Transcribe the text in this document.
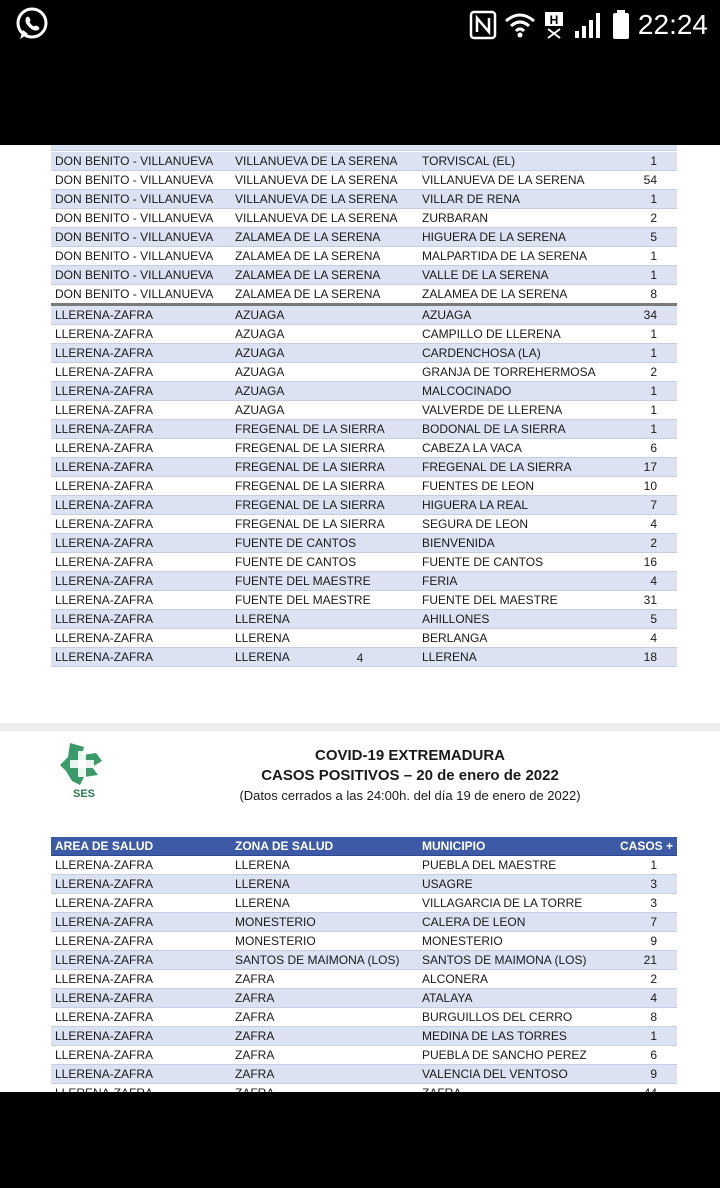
H	22:24
DON BENITO - VILLANUEVA	VILLANUEVA DE LA SERENA	TORVISCAL (EL)	1
DON BENITO - VILLANUEVA	VILLANUEVA DE LA SERENA	VILLANUEVA DE LA SERENA	54
DON BENITO - VILLANUEVA	VILLANUEVA DE LA SERENA	VILLAR DE RENA	1
DON BENITO - VILLANUEVA	VILLANUEVA DE LA SERENA	ZURBARAN	2
DON BENITO - VILLANUEVA	ZALAMEA DE LA SERENA	HIGUERA DE LA SERENA	5
DON BENITO - VILLANUEVA	ZALAMEA DE LA SERENA	MALPARTIDA DE LA SERENA	1
DON BENITO - VILLANUEVA	ZALAMEA DE LA SERENA	VALLE DE LA SERENA	1
DON BENITO - VILLANUEVA	ZALAMEA DE LA SERENA	ZALAMEA DE LA SERENA	8
LLERENA-ZAFRA	AZUAGA	AZUAGA	34
LLERENA-ZAFRA	AZUAGA	CAMPILLO DE LLERENA	1
LLERENA-ZAFRA	AZUAGA	CARDENCHOSA (LA)	1
LLERENA-ZAFRA	AZUAGA	GRANJA DE TORREHERMOSA	2
LLERENA-ZAFRA	AZUAGA	MALCOCINADO	1
LLERENA-ZAFRA	AZUAGA	VALVERDE DE LLERENA	1
LLERENA-ZAFRA	FREGENAL DE LA SIERRA	BODONAL DE LA SIERRA	1
LLERENA-ZAFRA	FREGENAL DE LA SIERRA	CABEZA LA VACA	6
LLERENA-ZAFRA	FREGENAL DE LA SIERRA	FREGENAL DE LA SIERRA	17
LLERENA-ZAFRA	FREGENAL DE LA SIERRA	FUENTES DE LEON	10
LLERENA-ZAFRA	FREGENAL DE LA SIERRA	HIGUERA LA REAL	7
LLERENA-ZAFRA	FREGENAL DE LA SIERRA	SEGURA DE LEON	4
LLERENA-ZAFRA	FUENTE DE CANTOS	BIENVENIDA	2
LLERENA-ZAFRA	FUENTE DE CANTOS	FUENTE DE CANTOS	16
LLERENA-ZAFRA	FUENTE DEL MAESTRE	FERIA	4
LLERENA-ZAFRA	FUENTE DEL MAESTRE	FUENTE DEL MAESTRE	31
LLERENA-ZAFRA	LLERENA	AHILLONES	5
LLERENA-ZAFRA	LLERENA	BERLANGA	4
LLERENA-ZAFRA	LLERENA	LLERENA	18
4
SES
COVID-19 EXTREMADURA
CASOS POSITIVOS – 20 de enero de 2022
(Datos cerrados a las 24:00h. del día 19 de enero de 2022)
AREA DE SALUD	ZONA DE SALUD	MUNICIPIO	CASOS +
LLERENA-ZAFRA	LLERENA	PUEBLA DEL MAESTRE	1
LLERENA-ZAFRA	LLERENA	USAGRE	3
LLERENA-ZAFRA	LLERENA	VILLAGARCIA DE LA TORRE	3
LLERENA-ZAFRA	MONESTERIO	CALERA DE LEON	7
LLERENA-ZAFRA	MONESTERIO	MONESTERIO	9
LLERENA-ZAFRA	SANTOS DE MAIMONA (LOS)	SANTOS DE MAIMONA (LOS)	21
LLERENA-ZAFRA	ZAFRA	ALCONERA	2
LLERENA-ZAFRA	ZAFRA	ATALAYA	4
LLERENA-ZAFRA	ZAFRA	BURGUILLOS DEL CERRO	8
LLERENA-ZAFRA	ZAFRA	MEDINA DE LAS TORRES	1
LLERENA-ZAFRA	ZAFRA	PUEBLA DE SANCHO PEREZ	6
LLERENA-ZAFRA	ZAFRA	VALENCIA DEL VENTOSO	9
